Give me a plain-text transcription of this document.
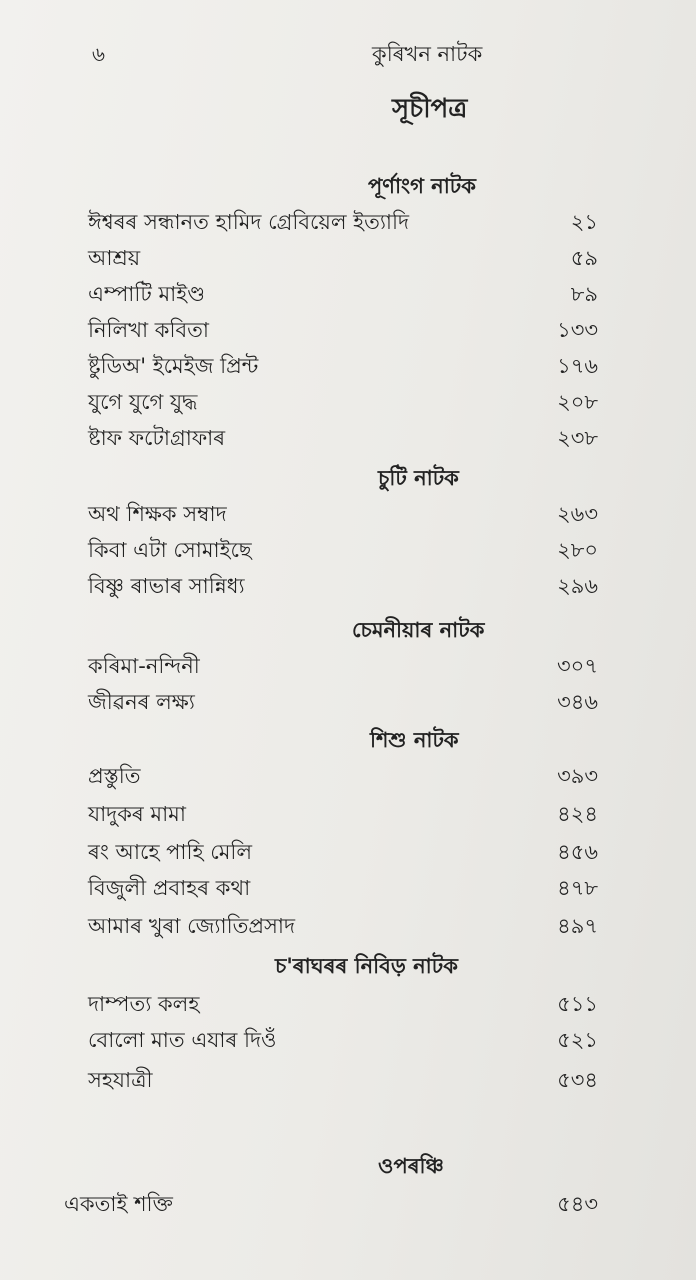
৬	কুৰিখন নাটক
সূচীপত্ৰ
পূৰ্ণাংগ নাটক
ঈশ্বৰৰ সন্ধানত হামিদ গ্ৰেবিয়েল ইত্যাদি	২১
আশ্ৰয়	৫৯
এম্পাটি মাইণ্ড	৮৯
নিলিখা কবিতা	১৩৩
ষ্টুডিঅ' ইমেইজ প্ৰিন্ট	১৭৬
যুগে যুগে যুদ্ধ	২০৮
ষ্টাফ ফটোগ্ৰাফাৰ	২৩৮
চুটি নাটক
অথ শিক্ষক সম্বাদ	২৬৩
কিবা এটা সোমাইছে	২৮০
বিষ্ণু ৰাভাৰ সান্নিধ্য	২৯৬
চেমনীয়াৰ নাটক
কৰিমা-নন্দিনী	৩০৭
জীৱনৰ লক্ষ্য	৩৪৬
শিশু নাটক
প্ৰস্তুতি	৩৯৩
যাদুকৰ মামা	৪২৪
ৰং আহে পাহি মেলি	৪৫৬
বিজুলী প্ৰবাহৰ কথা	৪৭৮
আমাৰ খুৰা জ্যোতিপ্ৰসাদ	৪৯৭
চ'ৰাঘৰৰ নিবিড় নাটক
দাম্পত্য কলহ	৫১১
বোলো মাত এযাৰ দিওঁ	৫২১
সহযাত্ৰী	৫৩৪
ওপৰঞ্চি
একতাই শক্তি	৫৪৩
